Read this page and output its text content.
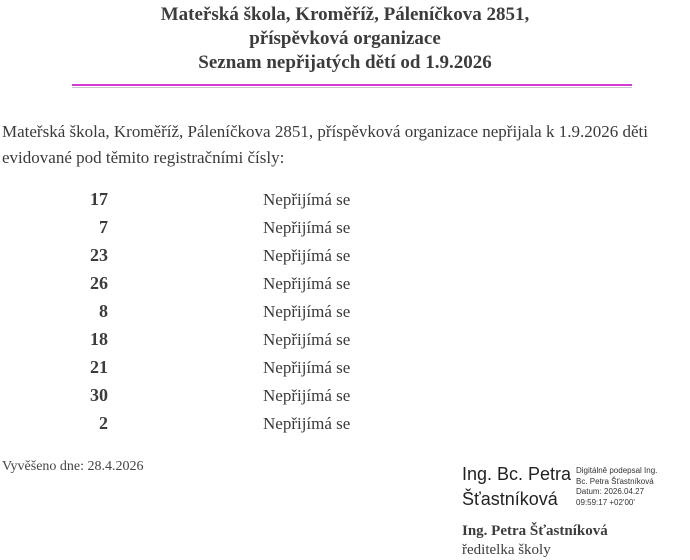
Mateřská škola, Kroměříž, Páleníčkova 2851,
příspěvková organizace
Seznam nepřijatých dětí od 1.9.2026
Mateřská škola, Kroměříž, Páleníčkova 2851, příspěvková organizace nepřijala k 1.9.2026 děti evidované pod těmito registračními čísly:
17	Nepřijímá se
7	Nepřijímá se
23	Nepřijímá se
26	Nepřijímá se
8	Nepřijímá se
18	Nepřijímá se
21	Nepřijímá se
30	Nepřijímá se
2	Nepřijímá se
Vyvěšeno dne: 28.4.2026	Ing. Bc. Petra
Šťastníková
Digitálně podepsal Ing.
Bc. Petra Šťastníková
Datum: 2026.04.27
09:59:17 +02'00'
Ing. Petra Šťastníková
ředitelka školy
